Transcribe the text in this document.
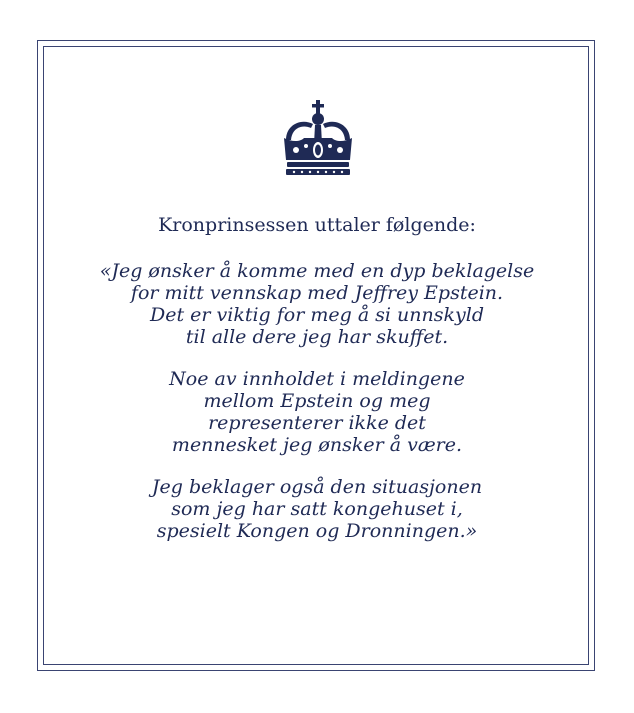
Kronprinsessen uttaler følgende:

«Jeg ønsker å komme med en dyp beklagelse
for mitt vennskap med Jeffrey Epstein.
Det er viktig for meg å si unnskyld
til alle dere jeg har skuffet.

Noe av innholdet i meldingene
mellom Epstein og meg
representerer ikke det
mennesket jeg ønsker å være.

Jeg beklager også den situasjonen
som jeg har satt kongehuset i,
spesielt Kongen og Dronningen.»
